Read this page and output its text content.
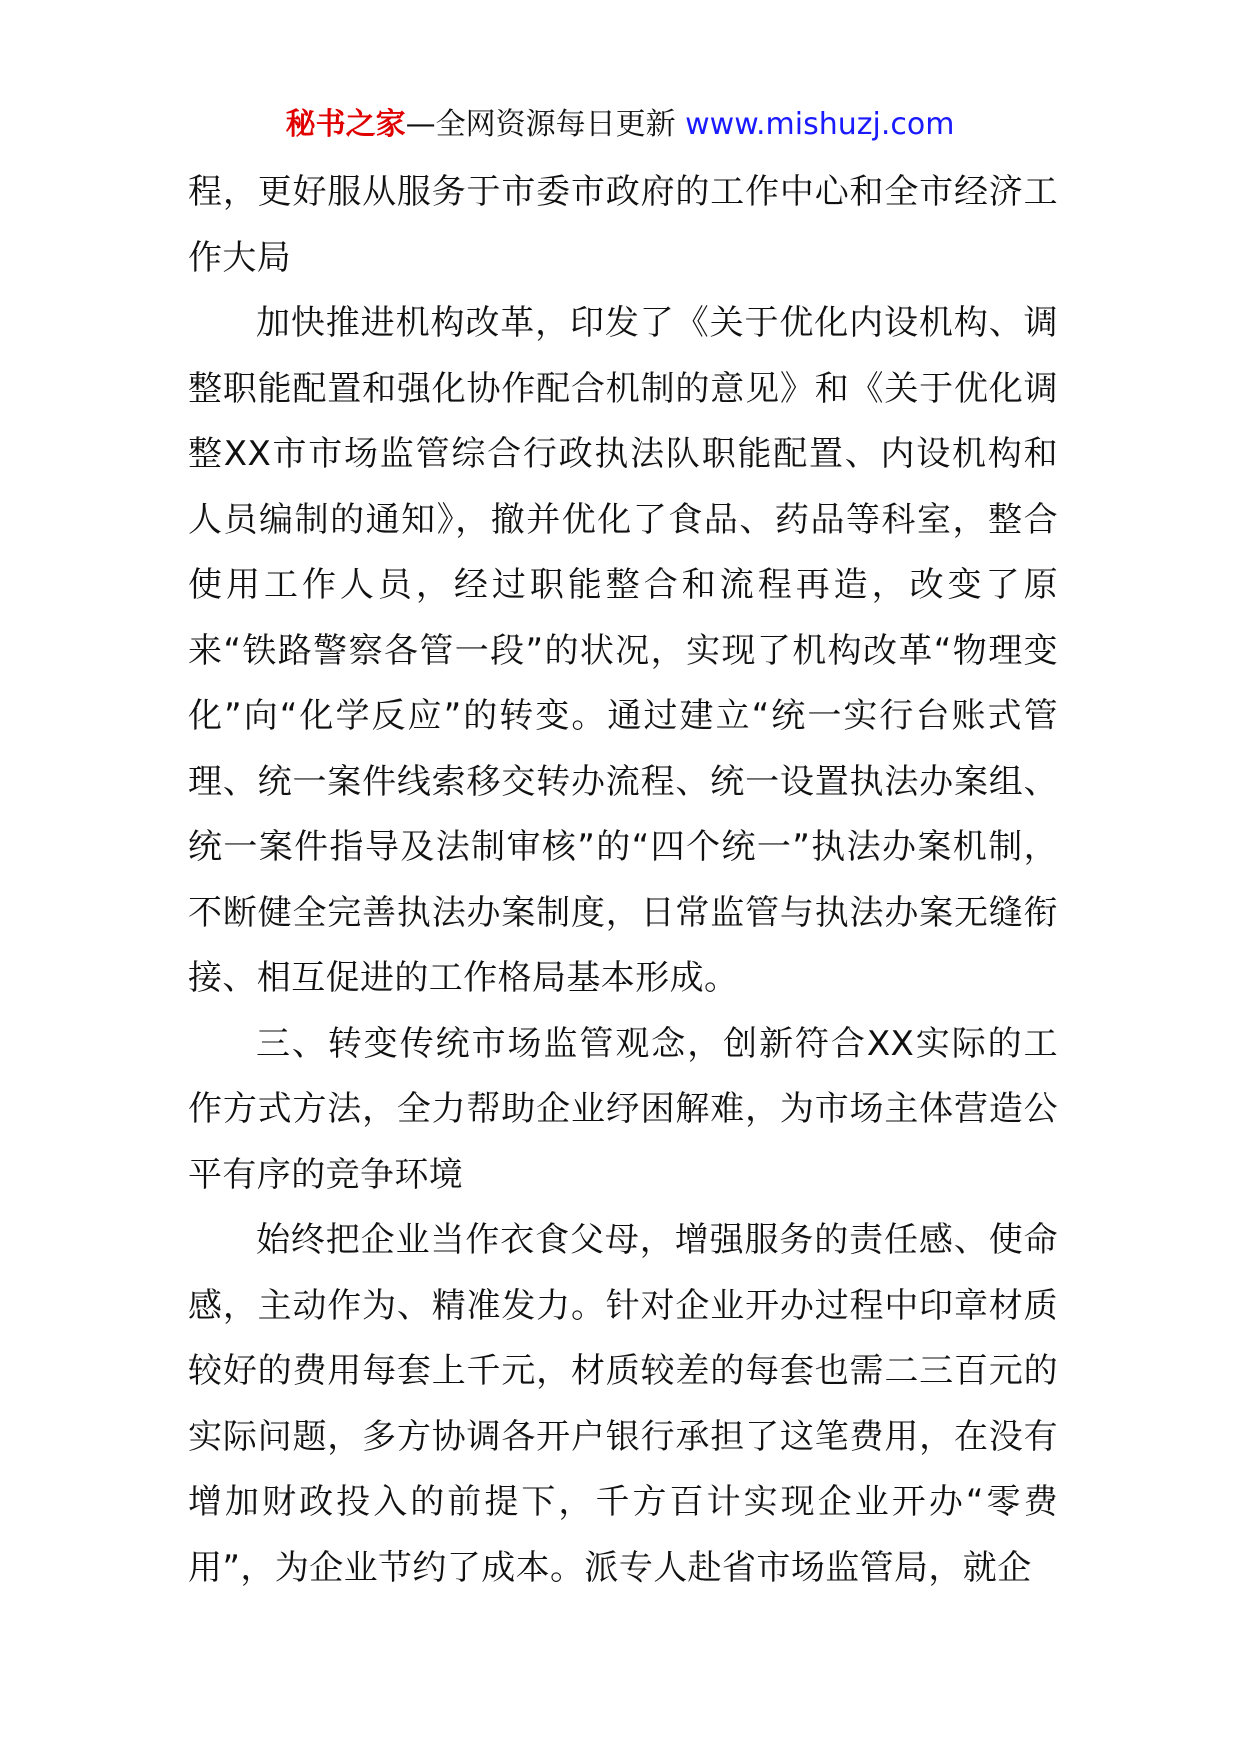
秘书之家—全网资源每日更新 www.mishuzj.com

程，更好服从服务于市委市政府的工作中心和全市经济工作大局

加快推进机构改革，印发了《关于优化内设机构、调整职能配置和强化协作配合机制的意见》和《关于优化调整XX市市场监管综合行政执法队职能配置、内设机构和人员编制的通知》，撤并优化了食品、药品等科室，整合使用工作人员，经过职能整合和流程再造，改变了原来“铁路警察各管一段”的状况，实现了机构改革“物理变化”向“化学反应”的转变。通过建立“统一实行台账式管理、统一案件线索移交转办流程、统一设置执法办案组、统一案件指导及法制审核”的“四个统一”执法办案机制，不断健全完善执法办案制度，日常监管与执法办案无缝衔接、相互促进的工作格局基本形成。

三、转变传统市场监管观念，创新符合XX实际的工作方式方法，全力帮助企业纾困解难，为市场主体营造公平有序的竞争环境

始终把企业当作衣食父母，增强服务的责任感、使命感，主动作为、精准发力。针对企业开办过程中印章材质较好的费用每套上千元，材质较差的每套也需二三百元的实际问题，多方协调各开户银行承担了这笔费用，在没有增加财政投入的前提下，千方百计实现企业开办“零费用”，为企业节约了成本。派专人赴省市场监管局，就企
